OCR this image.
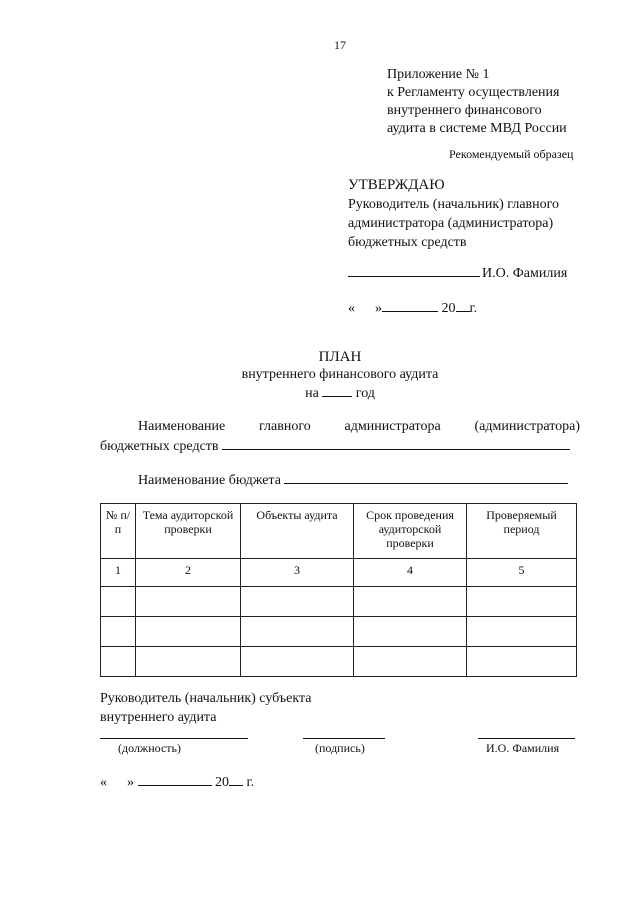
17
Приложение № 1
к Регламенту осуществления
внутреннего финансового
аудита в системе МВД России
Рекомендуемый образец
УТВЕРЖДАЮ
Руководитель (начальник) главного
администратора (администратора)
бюджетных средств
И.О. Фамилия
« »	20 г.
ПЛАН
внутреннего финансового аудита
на	год
Наименование главного администратора (администратора)
бюджетных средств
Наименование бюджета
№ п/п	Тема аудиторской проверки	Объекты аудита	Срок проведения аудиторской проверки	Проверяемый период
1	2	3	4	5

Руководитель (начальник) субъекта
внутреннего аудита
(должность)	(подпись)	И.О. Фамилия
« »	20 г.
